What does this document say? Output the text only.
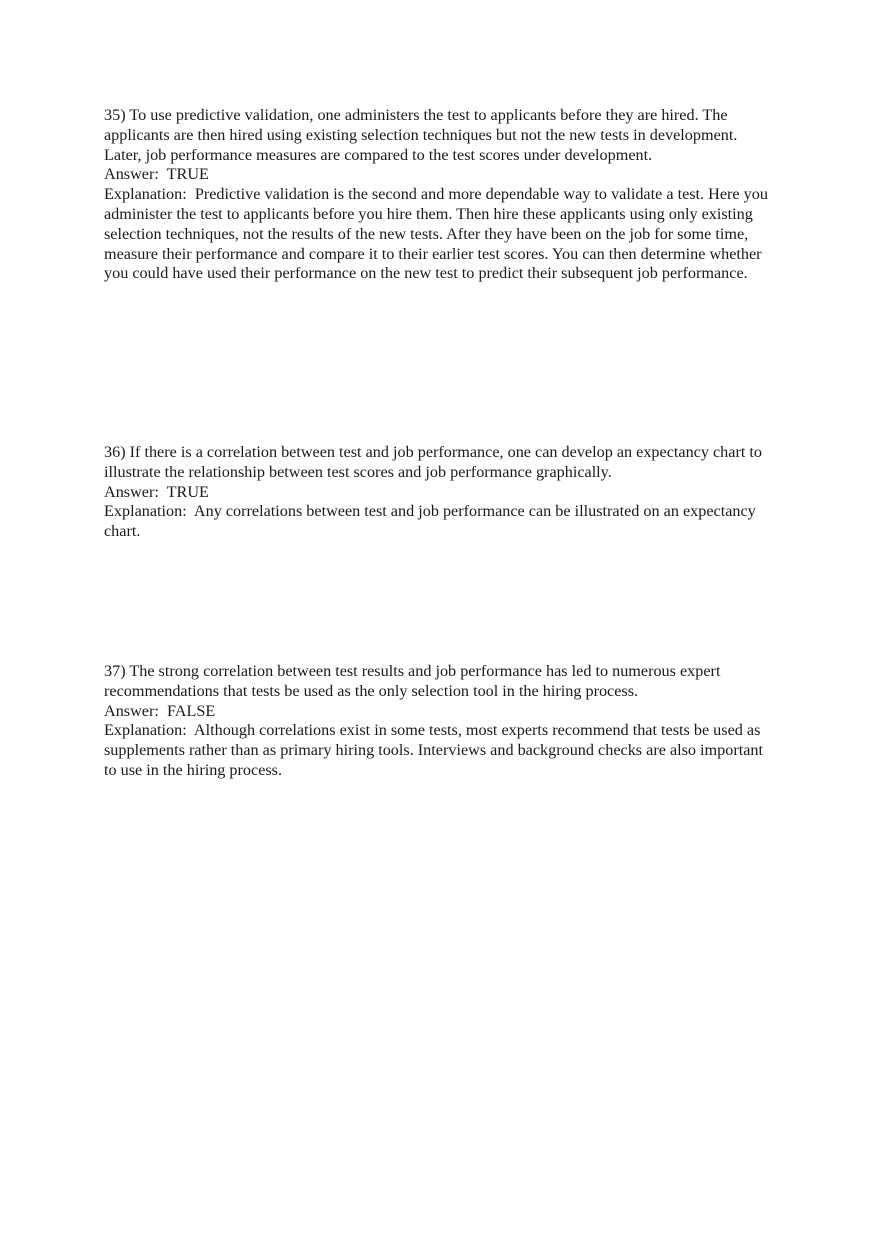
35) To use predictive validation, one administers the test to applicants before they are hired. The applicants are then hired using existing selection techniques but not the new tests in development. Later, job performance measures are compared to the test scores under development.

Answer: TRUE

Explanation: Predictive validation is the second and more dependable way to validate a test. Here you administer the test to applicants before you hire them. Then hire these applicants using only existing selection techniques, not the results of the new tests. After they have been on the job for some time, measure their performance and compare it to their earlier test scores. You can then determine whether you could have used their performance on the new test to predict their subsequent job performance.

36) If there is a correlation between test and job performance, one can develop an expectancy chart to illustrate the relationship between test scores and job performance graphically.

Answer: TRUE

Explanation: Any correlations between test and job performance can be illustrated on an expectancy chart.

37) The strong correlation between test results and job performance has led to numerous expert recommendations that tests be used as the only selection tool in the hiring process.

Answer: FALSE

Explanation: Although correlations exist in some tests, most experts recommend that tests be used as supplements rather than as primary hiring tools. Interviews and background checks are also important to use in the hiring process.
